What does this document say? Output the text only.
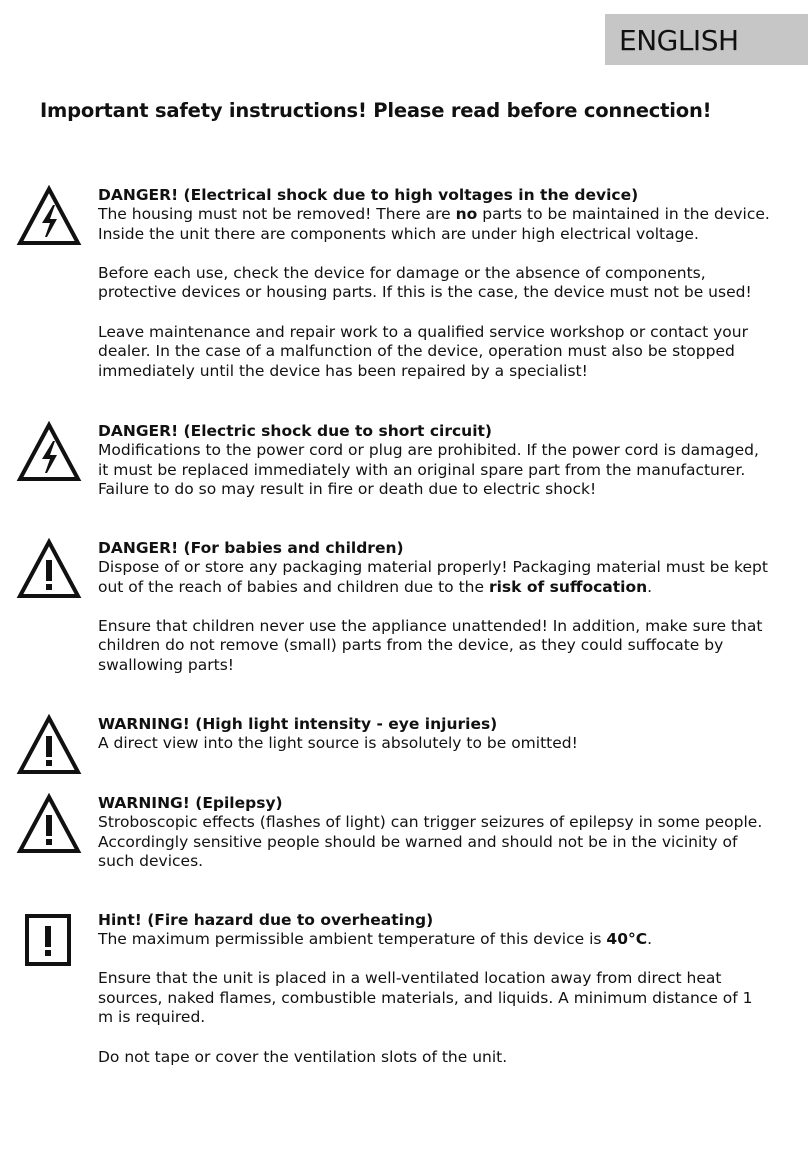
ENGLISH
Important safety instructions! Please read before connection!

DANGER! (Electrical shock due to high voltages in the device)

The housing must not be removed! There are no parts to be maintained in the device. Inside the unit there are components which are under high electrical voltage.

Before each use, check the device for damage or the absence of components, protective devices or housing parts. If this is the case, the device must not be used!

Leave maintenance and repair work to a qualified service workshop or contact your dealer. In the case of a malfunction of the device, operation must also be stopped immediately until the device has been repaired by a specialist!

DANGER! (Electric shock due to short circuit)

Modifications to the power cord or plug are prohibited. If the power cord is damaged, it must be replaced immediately with an original spare part from the manufacturer. Failure to do so may result in fire or death due to electric shock!

DANGER! (For babies and children)

Dispose of or store any packaging material properly! Packaging material must be kept out of the reach of babies and children due to the risk of suffocation.

Ensure that children never use the appliance unattended! In addition, make sure that children do not remove (small) parts from the device, as they could suffocate by swallowing parts!

WARNING! (High light intensity - eye injuries)

A direct view into the light source is absolutely to be omitted!

WARNING! (Epilepsy)

Stroboscopic effects (flashes of light) can trigger seizures of epilepsy in some people. Accordingly sensitive people should be warned and should not be in the vicinity of such devices.

Hint! (Fire hazard due to overheating)

The maximum permissible ambient temperature of this device is 40°C.

Ensure that the unit is placed in a well-ventilated location away from direct heat sources, naked flames, combustible materials, and liquids. A minimum distance of 1 m is required.

Do not tape or cover the ventilation slots of the unit.
